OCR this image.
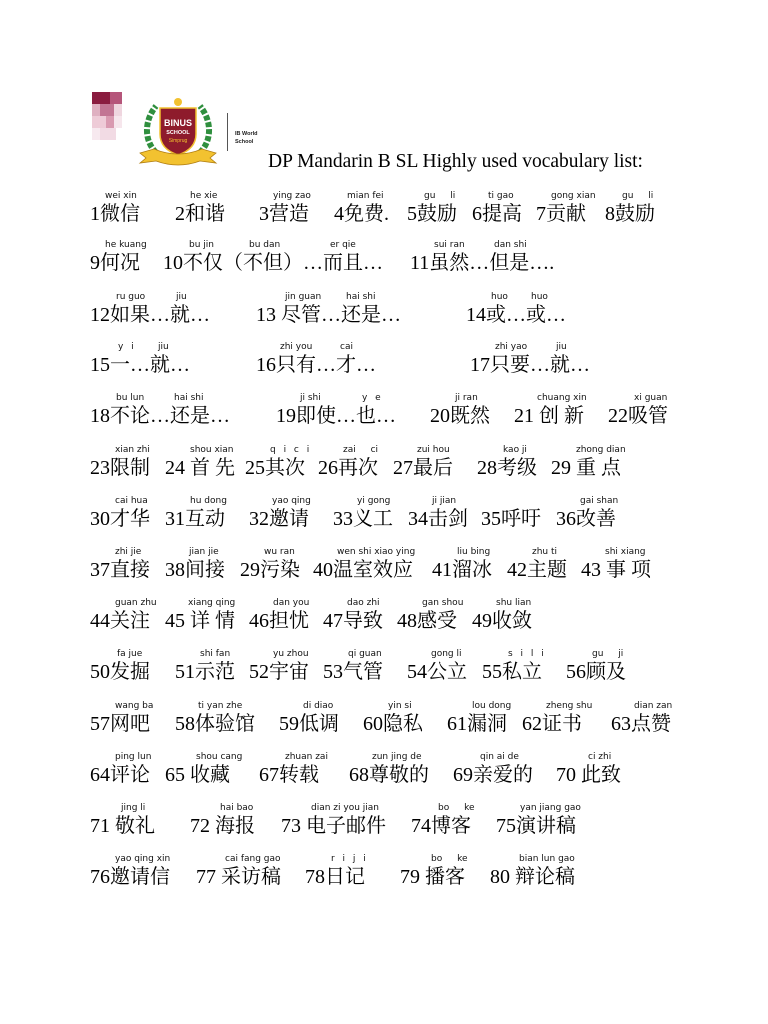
BINUS
SCHOOL
Simprug
IB World
School
DP Mandarin B SL Highly used vocabulary list:
wei xin	he xie	ying zao	mian fei	gu li	ti gao	gong xian	gu li
1微信 2和谐 3营造 4免费. 5鼓励 6提高 7贡献 8鼓励
he kuang	bu jin	bu dan	er qie	sui ran	dan shi
9何况 10不仅（不但）…而且… 11虽然…但是….
ru guo	jiu	jin guan	hai shi	huo	huo
12如果…就… 13 尽管…还是…	14或…或…
y i	jiu	zhi you	cai	zhi yao	jiu
15一…就…	16只有…才…	17只要…就…
bu lun	hai shi	ji shi	y e	ji ran	chuang xin	xi guan
18不论…还是… 19即使…也… 20既然 21 创 新 22吸管
xian zhi	shou xian	q i c i	zai ci	zui hou	kao ji	zhong dian
23限制 24 首 先 25其次 26再次 27最后 28考级 29 重 点
cai hua	hu dong	yao qing	yi gong	ji jian	gai shan
30才华 31互动 32邀请 33义工 34击剑 35呼吁 36改善
zhi jie	jian jie	wu ran	wen shi xiao ying	liu bing	zhu ti	shi xiang
37直接 38间接 29污染 40温室效应 41溜冰 42主题 43 事 项
guan zhu	xiang qing	dan you	dao zhi	gan shou	shu lian
44关注 45 详 情 46担忧 47导致 48感受 49收敛
fa jue	shi fan	yu zhou	qi guan	gong li	s i l i	gu ji
50发掘 51示范 52宇宙 53气管 54公立 55私立 56顾及
wang ba	ti yan zhe	di diao	yin si	lou dong	zheng shu	dian zan
57网吧 58体验馆 59低调 60隐私 61漏洞 62证书 63点赞
ping lun	shou cang	zhuan zai	zun jing de	qin ai de	ci zhi
64评论 65 收藏 67转载 68尊敬的 69亲爱的 70 此致
jing li	hai bao	dian zi you jian	bo ke	yan jiang gao
71 敬礼 72 海报 73 电子邮件 74博客 75演讲稿
yao qing xin	cai fang gao	r i j i	bo ke	bian lun gao
76邀请信 77 采访稿 78日记 79 播客 80 辩论稿
